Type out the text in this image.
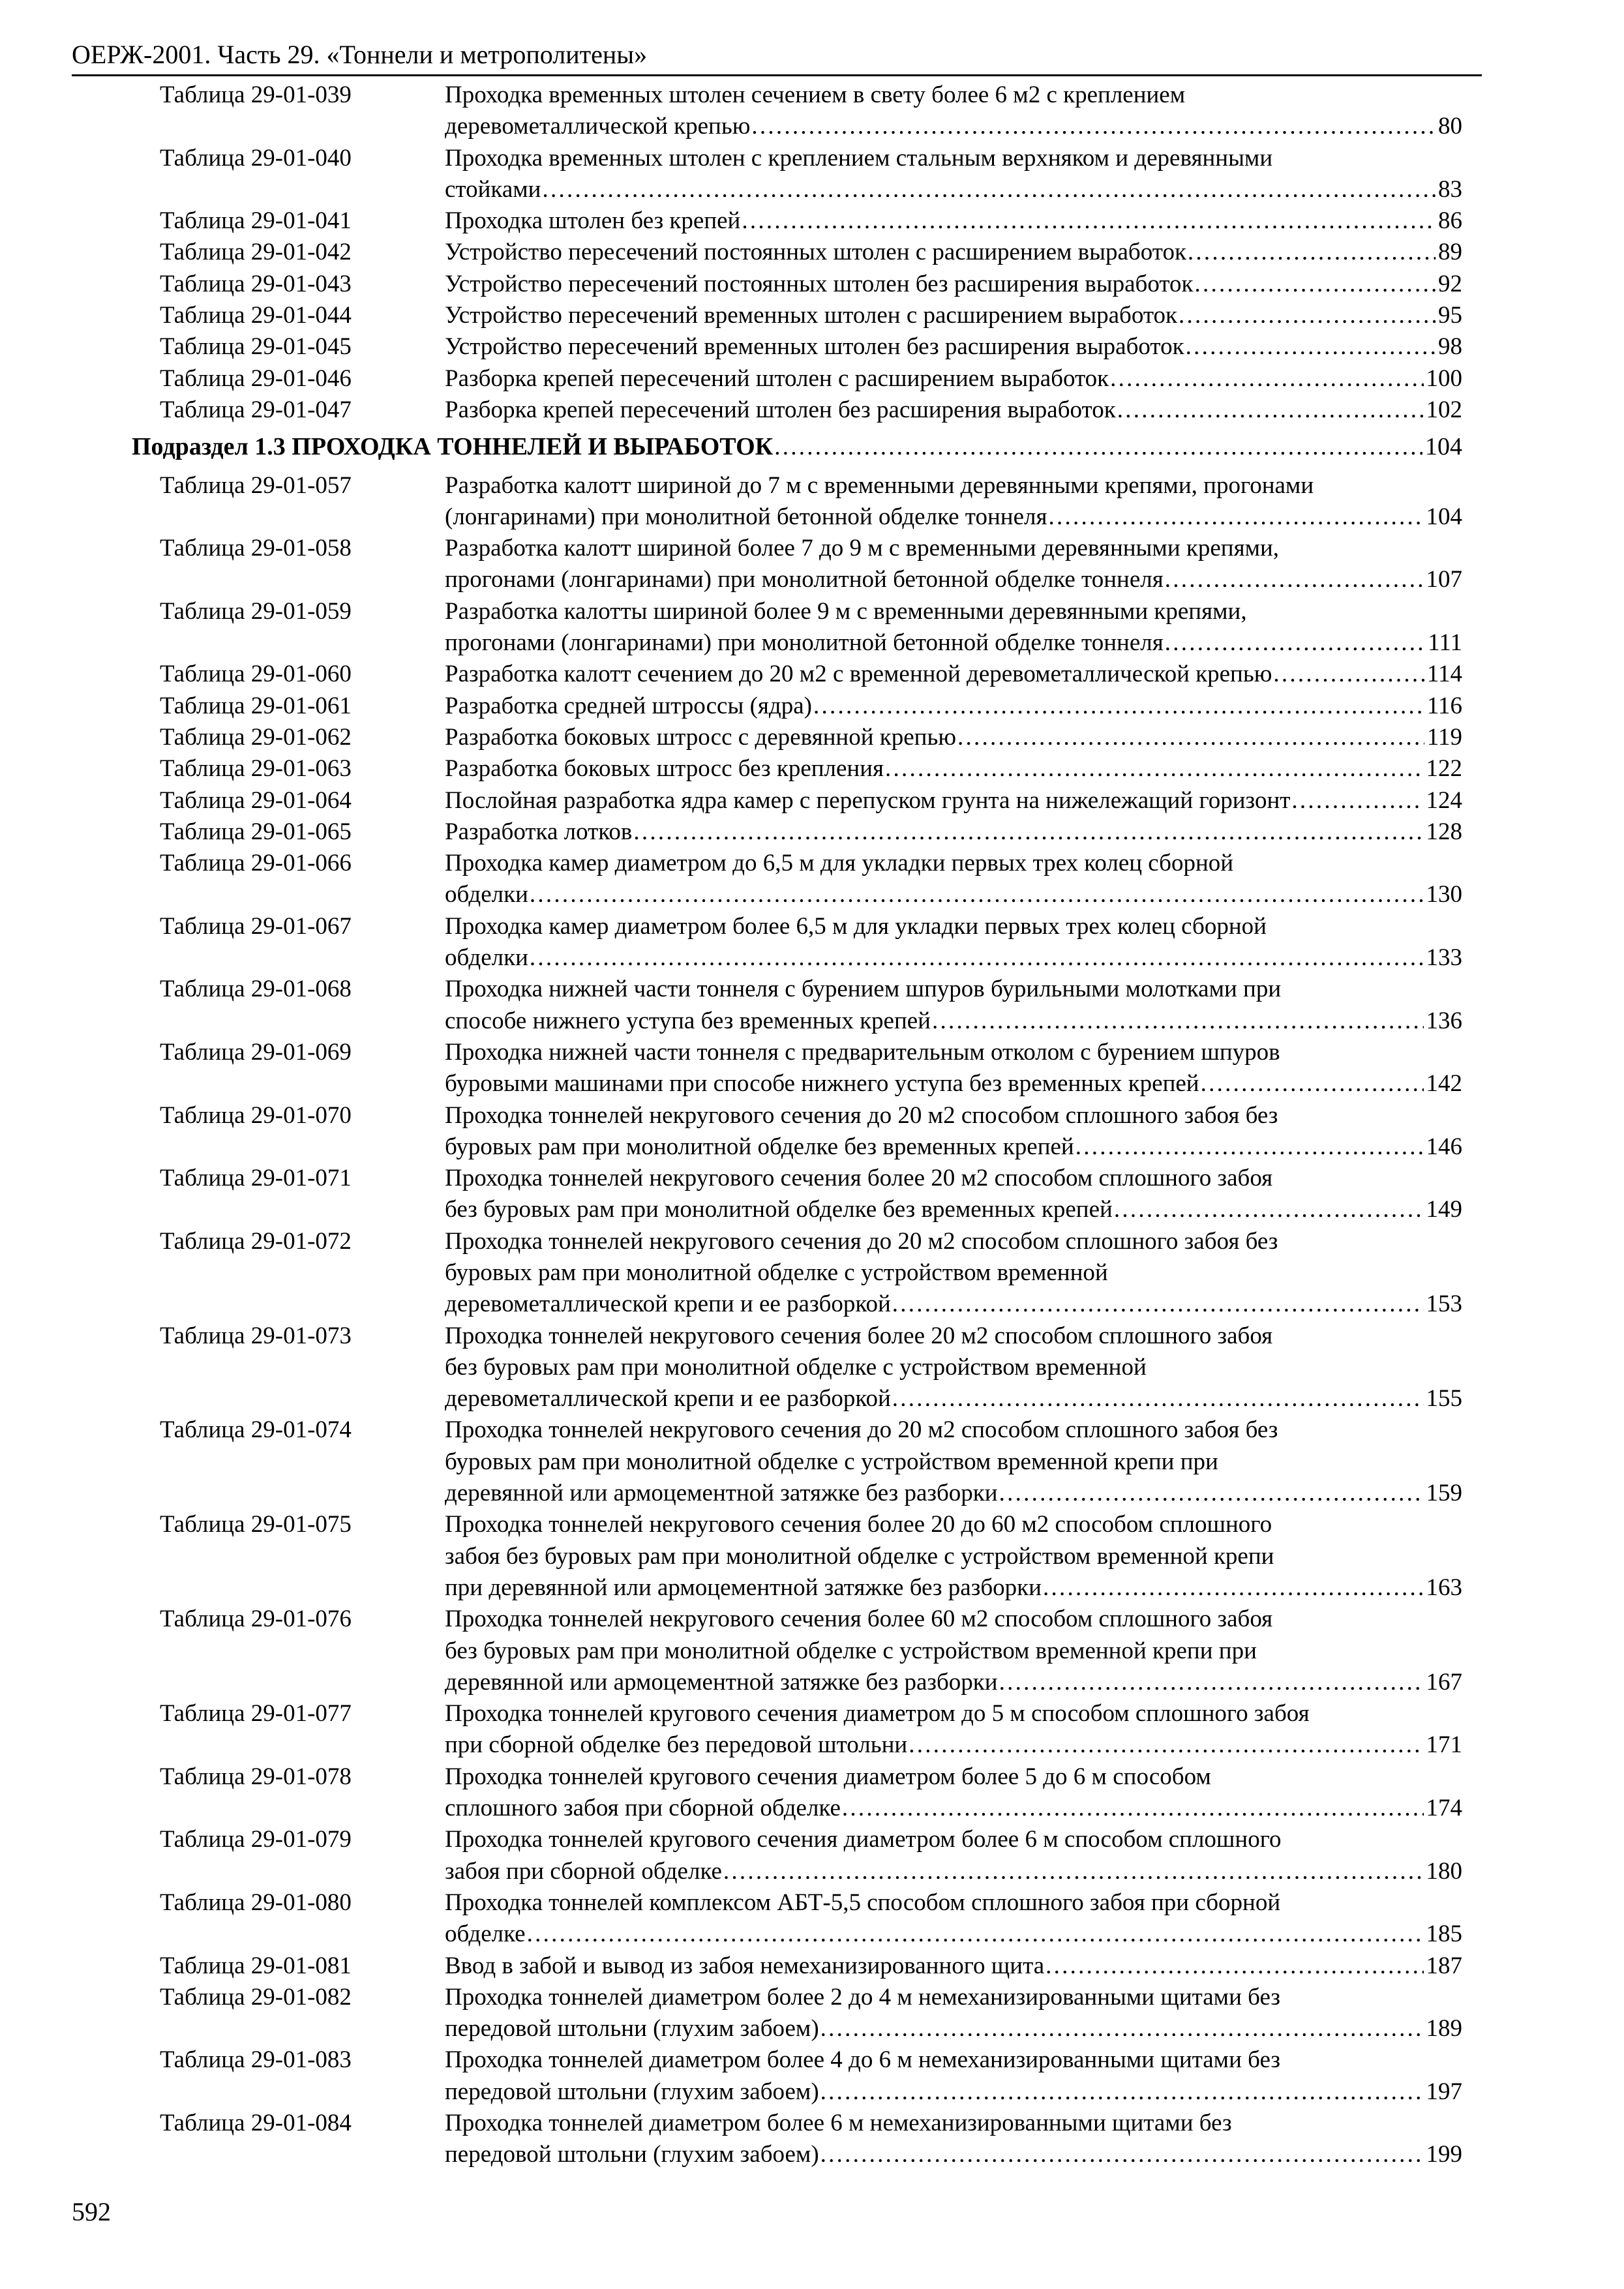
ОЕРЖ-2001. Часть 29. «Тоннели и метрополитены»
Таблица 29-01-039	Проходка временных штолен сечением в свету более 6 м2 с креплением
деревометаллической крепью . . .	80
Таблица 29-01-040	Проходка временных штолен с креплением стальным верхняком и деревянными
стойками . . .	83
Таблица 29-01-041	Проходка штолен без крепей . . .	86
Таблица 29-01-042	Устройство пересечений постоянных штолен с расширением выработок . . .	89
Таблица 29-01-043	Устройство пересечений постоянных штолен без расширения выработок . . .	92
Таблица 29-01-044	Устройство пересечений временных штолен с расширением выработок . . .	95
Таблица 29-01-045	Устройство пересечений временных штолен без расширения выработок . . .	98
Таблица 29-01-046	Разборка крепей пересечений штолен с расширением выработок . . .	100
Таблица 29-01-047	Разборка крепей пересечений штолен без расширения выработок . . .	102
Подраздел 1.3 ПРОХОДКА ТОННЕЛЕЙ И ВЫРАБОТОК . . .	104
Таблица 29-01-057	Разработка калотт шириной до 7 м с временными деревянными крепями, прогонами
(лонгаринами) при монолитной бетонной обделке тоннеля . . .	104
Таблица 29-01-058	Разработка калотт шириной более 7 до 9 м с временными деревянными крепями,
прогонами (лонгаринами) при монолитной бетонной обделке тоннеля . . .	107
Таблица 29-01-059	Разработка калотты шириной более 9 м с временными деревянными крепями,
прогонами (лонгаринами) при монолитной бетонной обделке тоннеля . . .	111
Таблица 29-01-060	Разработка калотт сечением до 20 м2 с временной деревометаллической крепью . . .	114
Таблица 29-01-061	Разработка средней штроссы (ядра) . . .	116
Таблица 29-01-062	Разработка боковых штросс с деревянной крепью . . .	119
Таблица 29-01-063	Разработка боковых штросс без крепления . . .	122
Таблица 29-01-064	Послойная разработка ядра камер с перепуском грунта на нижележащий горизонт . . .	124
Таблица 29-01-065	Разработка лотков . . .	128
Таблица 29-01-066	Проходка камер диаметром до 6,5 м для укладки первых трех колец сборной
обделки . . .	130
Таблица 29-01-067	Проходка камер диаметром более 6,5 м для укладки первых трех колец сборной
обделки . . .	133
Таблица 29-01-068	Проходка нижней части тоннеля с бурением шпуров бурильными молотками при
способе нижнего уступа без временных крепей . . .	136
Таблица 29-01-069	Проходка нижней части тоннеля с предварительным отколом с бурением шпуров
буровыми машинами при способе нижнего уступа без временных крепей . . .	142
Таблица 29-01-070	Проходка тоннелей некругового сечения до 20 м2 способом сплошного забоя без
буровых рам при монолитной обделке без временных крепей . . .	146
Таблица 29-01-071	Проходка тоннелей некругового сечения более 20 м2 способом сплошного забоя
без буровых рам при монолитной обделке без временных крепей . . .	149
Таблица 29-01-072	Проходка тоннелей некругового сечения до 20 м2 способом сплошного забоя без
буровых рам при монолитной обделке с устройством временной
деревометаллической крепи и ее разборкой . . .	153
Таблица 29-01-073	Проходка тоннелей некругового сечения более 20 м2 способом сплошного забоя
без буровых рам при монолитной обделке с устройством временной
деревометаллической крепи и ее разборкой . . .	155
Таблица 29-01-074	Проходка тоннелей некругового сечения до 20 м2 способом сплошного забоя без
буровых рам при монолитной обделке с устройством временной крепи при
деревянной или армоцементной затяжке без разборки . . .	159
Таблица 29-01-075	Проходка тоннелей некругового сечения более 20 до 60 м2 способом сплошного
забоя без буровых рам при монолитной обделке с устройством временной крепи
при деревянной или армоцементной затяжке без разборки . . .	163
Таблица 29-01-076	Проходка тоннелей некругового сечения более 60 м2 способом сплошного забоя
без буровых рам при монолитной обделке с устройством временной крепи при
деревянной или армоцементной затяжке без разборки . . .	167
Таблица 29-01-077	Проходка тоннелей кругового сечения диаметром до 5 м способом сплошного забоя
при сборной обделке без передовой штольни . . .	171
Таблица 29-01-078	Проходка тоннелей кругового сечения диаметром более 5 до 6 м способом
сплошного забоя при сборной обделке . . .	174
Таблица 29-01-079	Проходка тоннелей кругового сечения диаметром более 6 м способом сплошного
забоя при сборной обделке . . .	180
Таблица 29-01-080	Проходка тоннелей комплексом АБТ-5,5 способом сплошного забоя при сборной
обделке . . .	185
Таблица 29-01-081	Ввод в забой и вывод из забоя немеханизированного щита . . .	187
Таблица 29-01-082	Проходка тоннелей диаметром более 2 до 4 м немеханизированными щитами без
передовой штольни (глухим забоем) . . .	189
Таблица 29-01-083	Проходка тоннелей диаметром более 4 до 6 м немеханизированными щитами без
передовой штольни (глухим забоем) . . .	197
Таблица 29-01-084	Проходка тоннелей диаметром более 6 м немеханизированными щитами без
передовой штольни (глухим забоем) . . .	199
592
